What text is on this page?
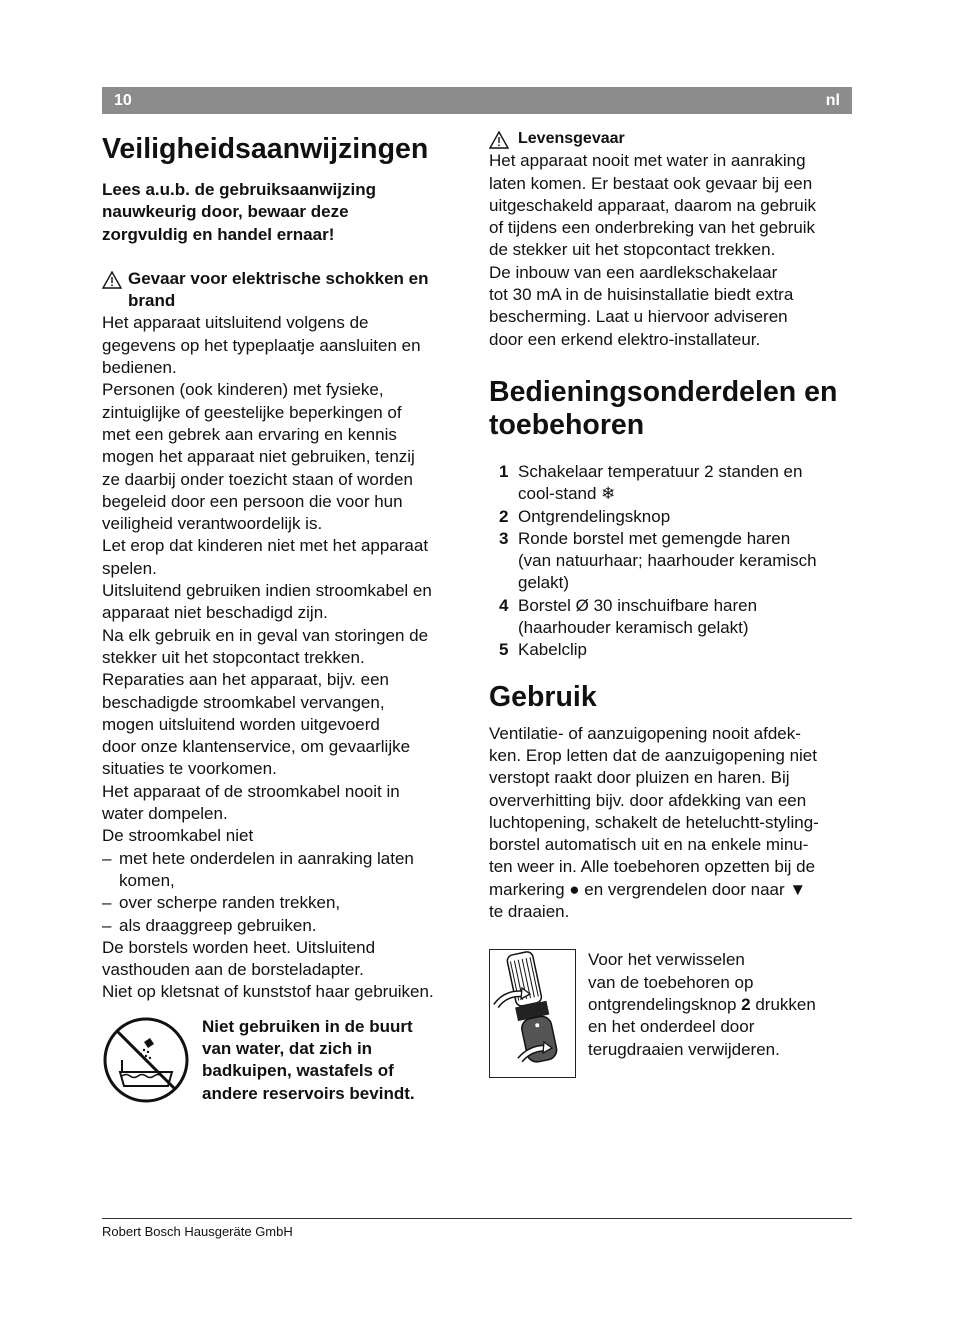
10	nl
Veiligheidsaanwijzingen
Lees a.u.b. de gebruiksaanwijzing
nauwkeurig door, bewaar deze
zorgvuldig en handel ernaar!
Gevaar voor elektrische schokken en
brand
Het apparaat uitsluitend volgens de
gegevens op het typeplaatje aansluiten en
bedienen.
Personen (ook kinderen) met fysieke,
zintuiglijke of geestelijke beperkingen of
met een gebrek aan ervaring en kennis
mogen het apparaat niet gebruiken, tenzij
ze daarbij onder toezicht staan of worden
begeleid door een persoon die voor hun
veiligheid verantwoordelijk is.
Let erop dat kinderen niet met het apparaat
spelen.
Uitsluitend gebruiken indien stroomkabel en
apparaat niet beschadigd zijn.
Na elk gebruik en in geval van storingen de
stekker uit het stopcontact trekken.
Reparaties aan het apparaat, bijv. een
beschadigde stroomkabel vervangen,
mogen uitsluitend worden uitgevoerd
door onze klantenservice, om gevaarlijke
situaties te voorkomen.
Het apparaat of de stroomkabel nooit in
water dompelen.
De stroomkabel niet
– met hete onderdelen in aanraking laten
komen,
– over scherpe randen trekken,
– als draaggreep gebruiken.
De borstels worden heet. Uitsluitend
vasthouden aan de borsteladapter.
Niet op kletsnat of kunststof haar gebruiken.
Niet gebruiken in de buurt
van water, dat zich in
badkuipen, wastafels of
andere reservoirs bevindt.
Levensgevaar
Het apparaat nooit met water in aanraking
laten komen. Er bestaat ook gevaar bij een
uitgeschakeld apparaat, daarom na gebruik
of tijdens een onderbreking van het gebruik
de stekker uit het stopcontact trekken.
De inbouw van een aardlekschakelaar
tot 30 mA in de huisinstallatie biedt extra
bescherming. Laat u hiervoor adviseren
door een erkend elektro-installateur.
Bedieningsonderdelen en
toebehoren
1 Schakelaar temperatuur 2 standen en
cool-stand ❄
2 Ontgrendelingsknop
3 Ronde borstel met gemengde haren
(van natuurhaar; haarhouder keramisch
gelakt)
4 Borstel Ø 30 inschuifbare haren
(haarhouder keramisch gelakt)
5 Kabelclip
Gebruik
Ventilatie- of aanzuigopening nooit afdek-
ken. Erop letten dat de aanzuigopening niet
verstopt raakt door pluizen en haren. Bij
oververhitting bijv. door afdekking van een
luchtopening, schakelt de heteluchtt-styling-
borstel automatisch uit en na enkele minu-
ten weer in. Alle toebehoren opzetten bij de
markering ● en vergrendelen door naar ▼
te draaien.
Voor het verwisselen
van de toebehoren op
ontgrendelingsknop 2 drukken
en het onderdeel door
terugdraaien verwijderen.
Robert Bosch Hausgeräte GmbH
